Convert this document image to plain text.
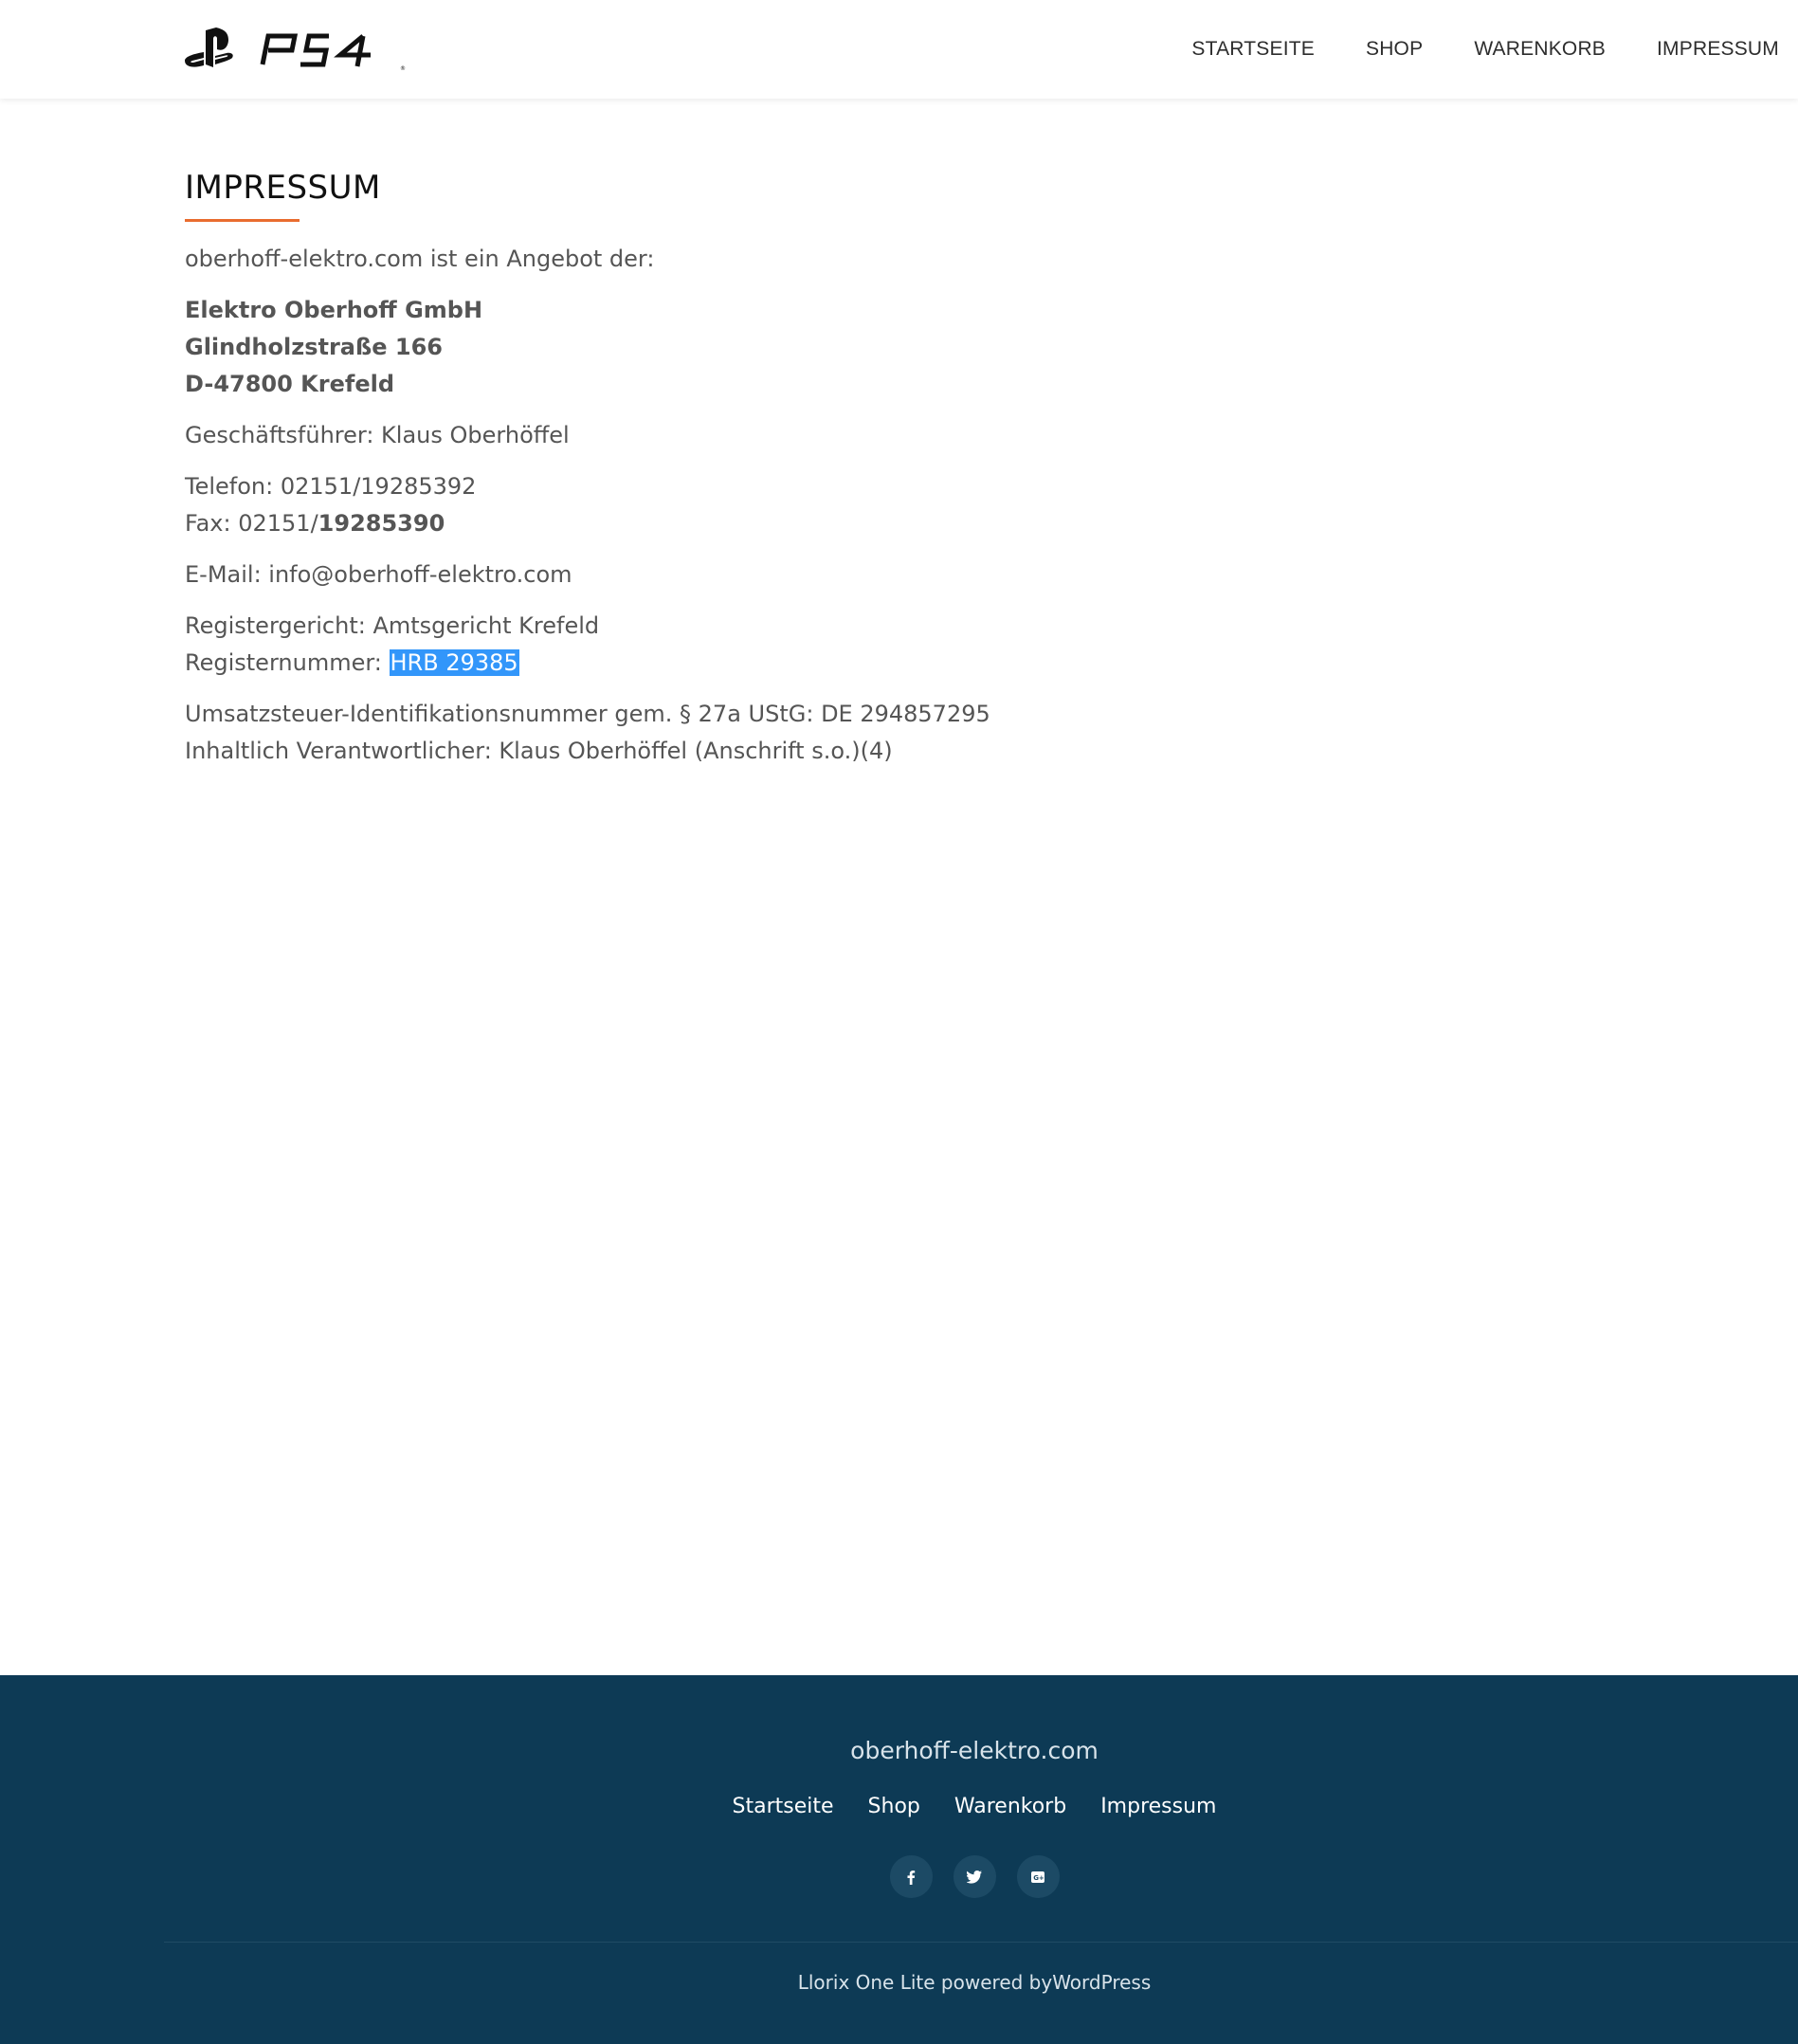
®
STARTSEITE	SHOP	WARENKORB	IMPRESSUM
IMPRESSUM

oberhoff-elektro.com ist ein Angebot der:

Elektro Oberhoff GmbH
Glindholzstraße 166
D-47800 Krefeld

Geschäftsführer: Klaus Oberhöffel

Telefon: 02151/19285392
Fax: 02151/19285390

E-Mail: info@oberhoff-elektro.com

Registergericht: Amtsgericht Krefeld
Registernummer: HRB 29385

Umsatzsteuer-Identifikationsnummer gem. § 27a UStG: DE 294857295
Inhaltlich Verantwortlicher: Klaus Oberhöffel (Anschrift s.o.)(4)

oberhoff-elektro.com
Startseite Shop Warenkorb Impressum
G+
Llorix One Lite powered byWordPress
